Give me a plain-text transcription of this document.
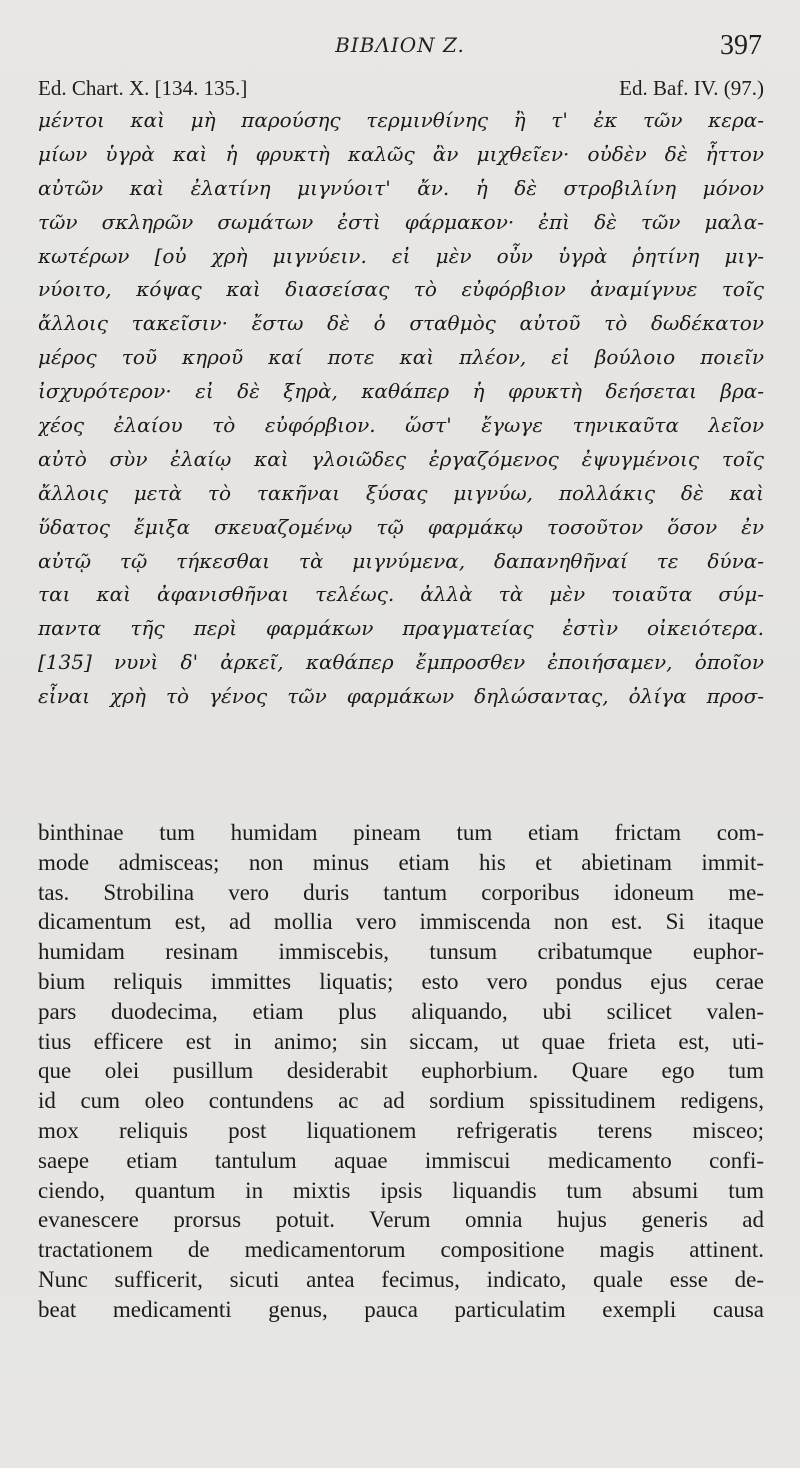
BIBΛION Z.	397
Ed. Chart. X. [134. 135.]	Ed. Baf. IV. (97.)
μέντοι καὶ μὴ παρούσης τερμινθίνης ἢ τ' ἐκ τῶν κερα-
μίων ὑγρὰ καὶ ἡ φρυκτὴ καλῶς ἂν μιχθεῖεν· οὐδὲν δὲ ἧττον
αὐτῶν καὶ ἐλατίνη μιγνύοιτ' ἄν. ἡ δὲ στροβιλίνη μόνον
τῶν σκληρῶν σωμάτων ἐστὶ φάρμακον· ἐπὶ δὲ τῶν μαλα-
κωτέρων [οὐ χρὴ μιγνύειν. εἰ μὲν οὖν ὑγρὰ ῥητίνη μιγ-
νύοιτο, κόψας καὶ διασείσας τὸ εὐφόρβιον ἀναμίγνυε τοῖς
ἄλλοις τακεῖσιν· ἔστω δὲ ὁ σταθμὸς αὐτοῦ τὸ δωδέκατον
μέρος τοῦ κηροῦ καί ποτε καὶ πλέον, εἰ βούλοιο ποιεῖν
ἰσχυρότερον· εἰ δὲ ξηρὰ, καθάπερ ἡ φρυκτὴ δεήσεται βρα-
χέος ἐλαίου τὸ εὐφόρβιον. ὥστ' ἔγωγε τηνικαῦτα λεῖον
αὐτὸ σὺν ἐλαίῳ καὶ γλοιῶδες ἐργαζόμενος ἐψυγμένοις τοῖς
ἄλλοις μετὰ τὸ τακῆναι ξύσας μιγνύω, πολλάκις δὲ καὶ
ὕδατος ἔμιξα σκευαζομένῳ τῷ φαρμάκῳ τοσοῦτον ὅσον ἐν
αὐτῷ τῷ τήκεσθαι τὰ μιγνύμενα, δαπανηθῆναί τε δύνα-
ται καὶ ἀφανισθῆναι τελέως. ἀλλὰ τὰ μὲν τοιαῦτα σύμ-
παντα τῆς περὶ φαρμάκων πραγματείας ἐστὶν οἰκειότερα.
[135] νυνὶ δ' ἀρκεῖ, καθάπερ ἔμπροσθεν ἐποιήσαμεν, ὁποῖον
εἶναι χρὴ τὸ γένος τῶν φαρμάκων δηλώσαντας, ὀλίγα προσ-
binthinae tum humidam pineam tum etiam frictam com-
mode admisceas; non minus etiam his et abietinam immit-
tas. Strobilina vero duris tantum corporibus idoneum me-
dicamentum est, ad mollia vero immiscenda non est. Si itaque
humidam resinam immiscebis, tunsum cribatumque euphor-
bium reliquis immittes liquatis; esto vero pondus ejus cerae
pars duodecima, etiam plus aliquando, ubi scilicet valen-
tius efficere est in animo; sin siccam, ut quae frieta est, uti-
que olei pusillum desiderabit euphorbium. Quare ego tum
id cum oleo contundens ac ad sordium spissitudinem redigens,
mox reliquis post liquationem refrigeratis terens misceo;
saepe etiam tantulum aquae immiscui medicamento confi-
ciendo, quantum in mixtis ipsis liquandis tum absumi tum
evanescere prorsus potuit. Verum omnia hujus generis ad
tractationem de medicamentorum compositione magis attinent.
Nunc sufficerit, sicuti antea fecimus, indicato, quale esse de-
beat medicamenti genus, pauca particulatim exempli causa
